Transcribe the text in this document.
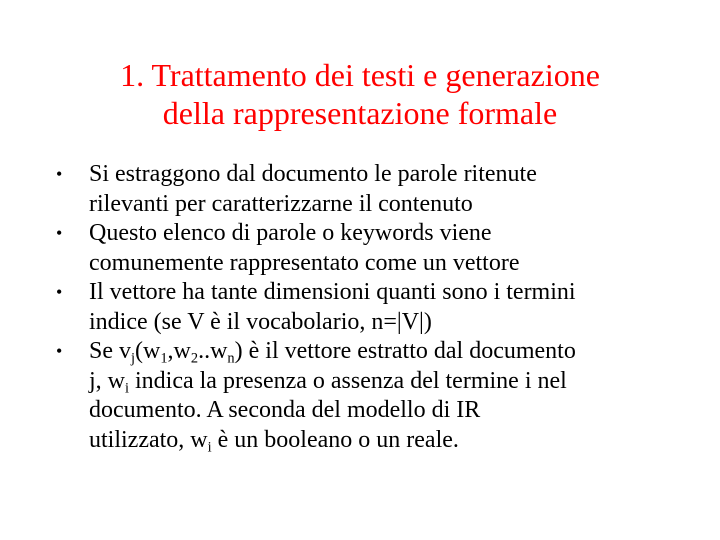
1. Trattamento dei testi e generazione
della rappresentazione formale
•	Si estraggono dal documento le parole ritenute
rilevanti per caratterizzarne il contenuto
•	Questo elenco di parole o keywords viene
comunemente rappresentato come un vettore
•	Il vettore ha tante dimensioni quanti sono i termini
indice (se V è il vocabolario, n=|V|)
•	Se $v_j(w_1,w_2..w_n)$ è il vettore estratto dal documento
j, $w_i$ indica la presenza o assenza del termine i nel
documento. A seconda del modello di IR
utilizzato, $w_i$ è un booleano o un reale.
